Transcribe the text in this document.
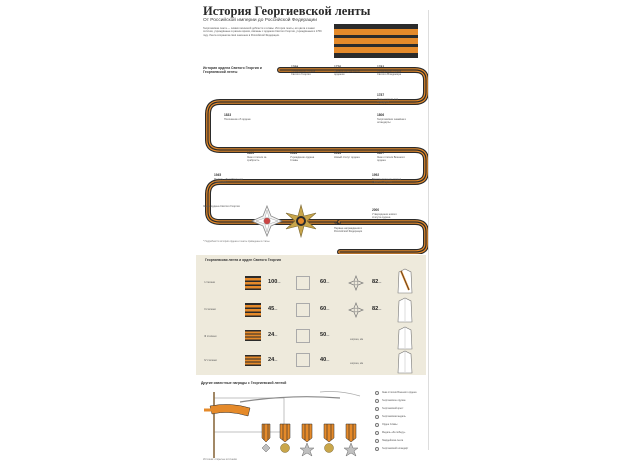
История Георгиевской ленты
От Российской империи до Российской Федерации
Георгиевская лента — символ воинской доблести и славы. История ленты, её цвета и знаки отличия, учреждённые в разное время, связаны с орденом Святого Георгия, учреждённым в 1769 году. Лента сохранила своё значение в Российской Федерации.
История ордена Святого Георгия и Георгиевской ленты
1769
Учреждение ордена Святого Георгия
1770
Первые награждения орденом
1782
Учреждение ордена Святого Владимира
1787
Знак отличия для офицеров
1806
Георгиевские знамёна и штандарты
1807
Знак отличия Военного ордена
1833
Положение об ордене
1855
Знак отличия за храбрость
1913
Новый статут ордена
1943
Учреждение ордена Славы
1945
Медаль «За победу над Германией»
1992
Восстановление ордена Святого Георгия
2000
Утверждение нового статута ордена
2008
Первые награждения в Российской Федерации
Знаки ордена Святого Георгия
* Подробности истории ордена и ленты приведены в статье
Георгиевская лента и орден Святого Георгия
I степени	100мм	60мм	82мм
II степени	45мм	60мм	82мм
III степени	24мм	50мм
ширина, мм
IV степени	24мм	40мм
ширина, мм
Другие известные награды с Георгиевской лентой
Знак отличия Военного ордена
Георгиевское оружие
Георгиевский крест
Георгиевская медаль
Орден Славы
Медаль «За победу»
Гвардейская лента
Георгиевский штандарт
Источник: открытые источники
